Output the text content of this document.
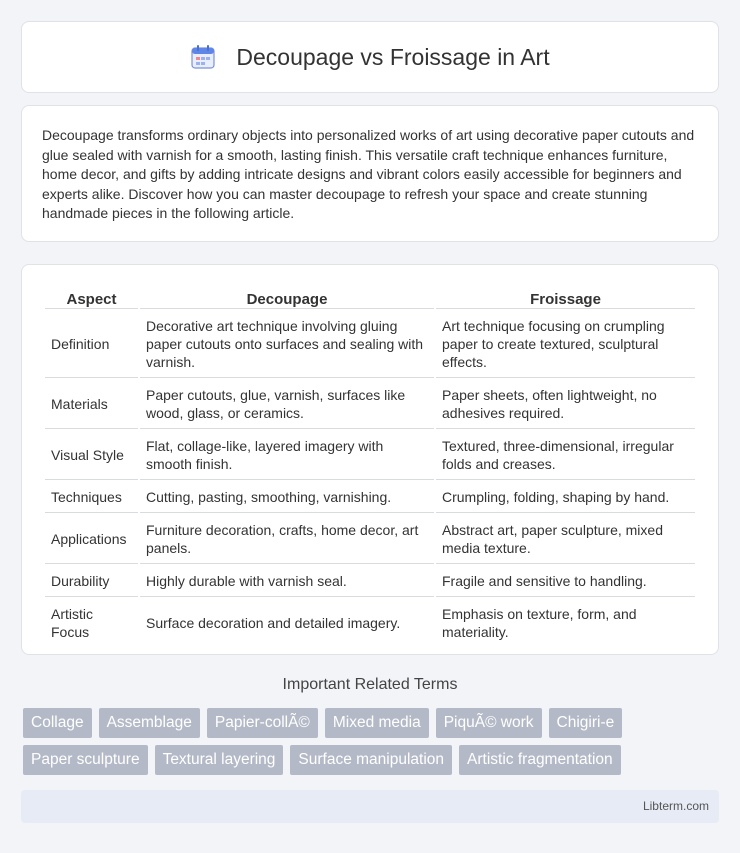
Decoupage vs Froissage in Art

Decoupage transforms ordinary objects into personalized works of art using decorative paper cutouts and glue sealed with varnish for a smooth, lasting finish. This versatile craft technique enhances furniture, home decor, and gifts by adding intricate designs and vibrant colors easily accessible for beginners and experts alike. Discover how you can master decoupage to refresh your space and create stunning handmade pieces in the following article.

Aspect	Decoupage	Froissage
Definition	Decorative art technique involving gluing paper cutouts onto surfaces and sealing with varnish.	Art technique focusing on crumpling paper to create textured, sculptural effects.
Materials	Paper cutouts, glue, varnish, surfaces like wood, glass, or ceramics.	Paper sheets, often lightweight, no adhesives required.
Visual Style	Flat, collage-like, layered imagery with smooth finish.	Textured, three-dimensional, irregular folds and creases.
Techniques	Cutting, pasting, smoothing, varnishing.	Crumpling, folding, shaping by hand.
Applications	Furniture decoration, crafts, home decor, art panels.	Abstract art, paper sculpture, mixed media texture.
Durability	Highly durable with varnish seal.	Fragile and sensitive to handling.
Artistic Focus	Surface decoration and detailed imagery.	Emphasis on texture, form, and materiality.
Important Related Terms
Collage	Assemblage	Papier-collÃ©	Mixed media	PiquÃ© work	Chigiri-e
Paper sculpture	Textural layering	Surface manipulation	Artistic fragmentation
Libterm.com
